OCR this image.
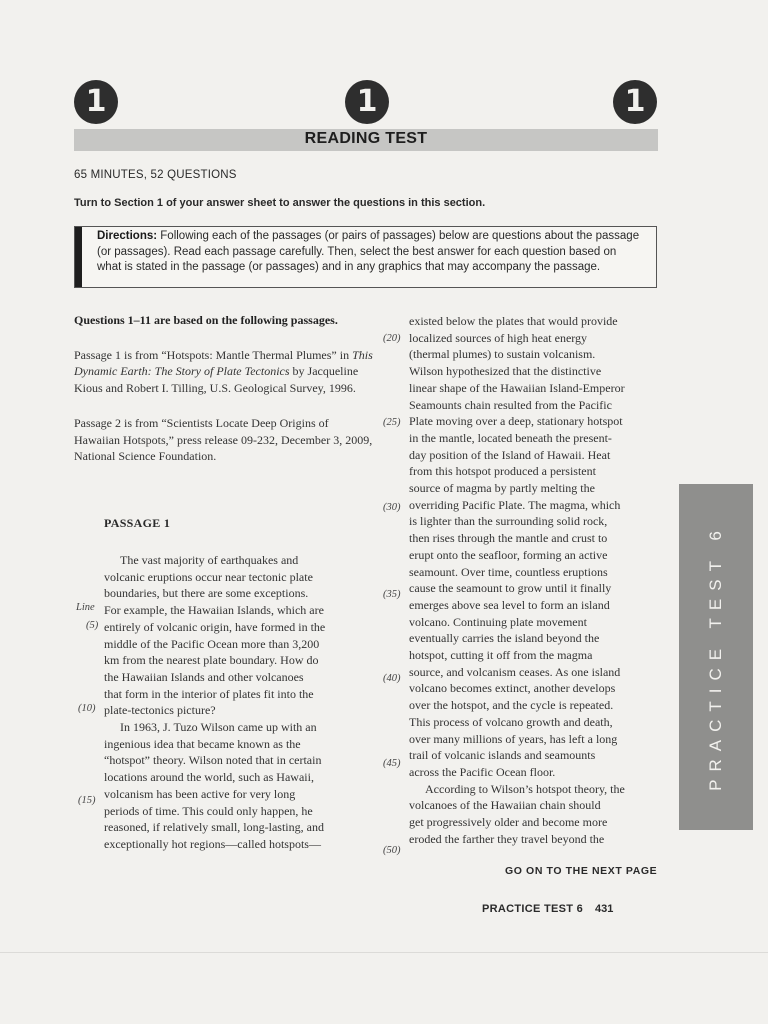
1	1	1
READING TEST
65 MINUTES, 52 QUESTIONS
Turn to Section 1 of your answer sheet to answer the questions in this section.
Directions: Following each of the passages (or pairs of passages) below are questions about the passage (or passages). Read each passage carefully. Then, select the best answer for each question based on what is stated in the passage (or passages) and in any graphics that may accompany the passage.

Questions 1–11 are based on the following passages.

Passage 1 is from “Hotspots: Mantle Thermal Plumes” in This Dynamic Earth: The Story of Plate Tectonics by Jacqueline Kious and Robert I. Tilling, U.S. Geological Survey, 1996.

Passage 2 is from “Scientists Locate Deep Origins of Hawaiian Hotspots,” press release 09-232, December 3, 2009, National Science Foundation.

PASSAGE 1
The vast majority of earthquakes and
volcanic eruptions occur near tectonic plate
boundaries, but there are some exceptions.
For example, the Hawaiian Islands, which are
entirely of volcanic origin, have formed in the
middle of the Pacific Ocean more than 3,200
km from the nearest plate boundary. How do
the Hawaiian Islands and other volcanoes
that form in the interior of plates fit into the
plate-tectonics picture?
In 1963, J. Tuzo Wilson came up with an
ingenious idea that became known as the
“hotspot” theory. Wilson noted that in certain
locations around the world, such as Hawaii,
volcanism has been active for very long
periods of time. This could only happen, he
reasoned, if relatively small, long-lasting, and
exceptionally hot regions—called hotspots—
Line
(5)
(10)
(15)
existed below the plates that would provide
localized sources of high heat energy
(thermal plumes) to sustain volcanism.
Wilson hypothesized that the distinctive
linear shape of the Hawaiian Island-Emperor
Seamounts chain resulted from the Pacific
Plate moving over a deep, stationary hotspot
in the mantle, located beneath the present-
day position of the Island of Hawaii. Heat
from this hotspot produced a persistent
source of magma by partly melting the
overriding Pacific Plate. The magma, which
is lighter than the surrounding solid rock,
then rises through the mantle and crust to
erupt onto the seafloor, forming an active
seamount. Over time, countless eruptions
cause the seamount to grow until it finally
emerges above sea level to form an island
volcano. Continuing plate movement
eventually carries the island beyond the
hotspot, cutting it off from the magma
source, and volcanism ceases. As one island
volcano becomes extinct, another develops
over the hotspot, and the cycle is repeated.
This process of volcano growth and death,
over many millions of years, has left a long
trail of volcanic islands and seamounts
across the Pacific Ocean floor.
According to Wilson’s hotspot theory, the
volcanoes of the Hawaiian chain should
get progressively older and become more
eroded the farther they travel beyond the
(20)
(25)
(30)
(35)
(40)
(45)
(50)
GO ON TO THE NEXT PAGE
PRACTICE TEST 6 431
PRACTICE TEST 6
